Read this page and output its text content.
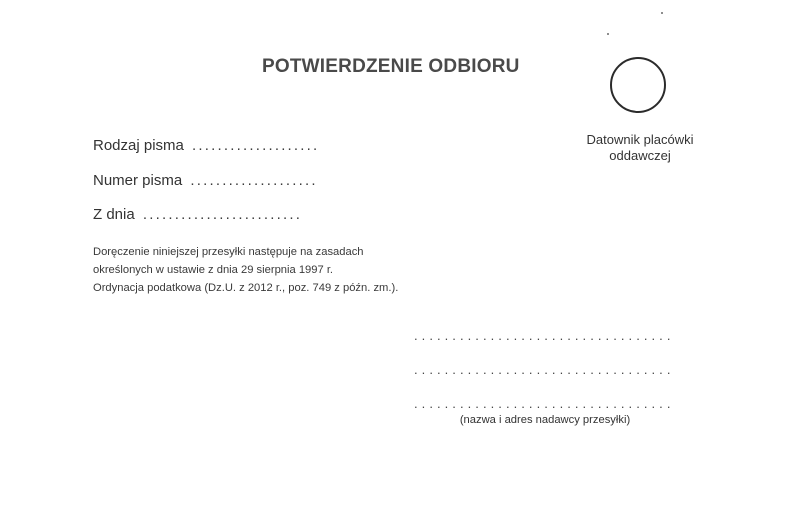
POTWIERDZENIE ODBIORU
Datownik placówki
oddawczej
Rodzaj pisma ....................
Numer pisma ....................
Z dnia .........................
Doręczenie niniejszej przesyłki następuje na zasadach
określonych w ustawie z dnia 29 sierpnia 1997 r.
Ordynacja podatkowa (Dz.U. z 2012 r., poz. 749 z późn. zm.).
..................................
..................................
..................................
(nazwa i adres nadawcy przesyłki)
